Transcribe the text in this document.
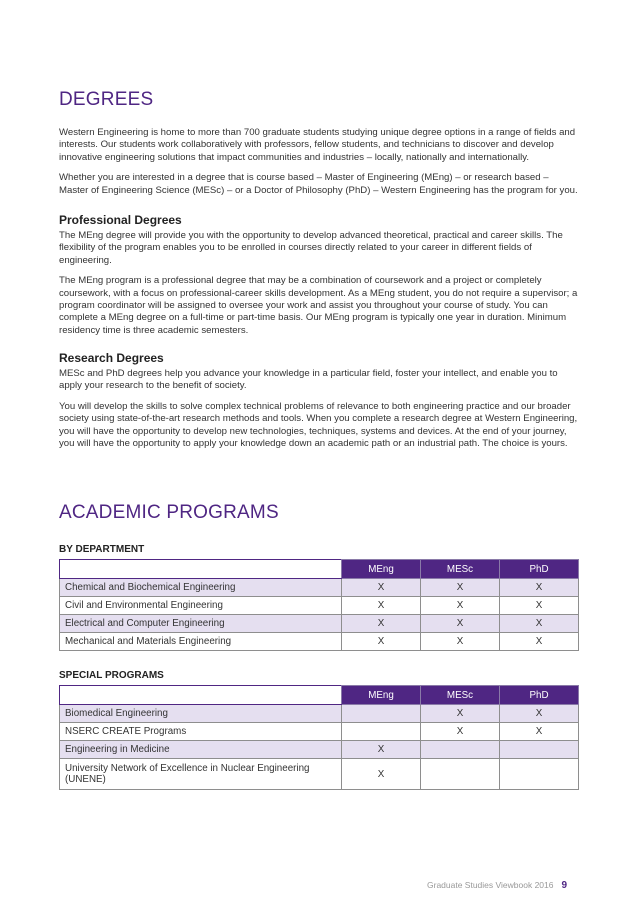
DEGREES

Western Engineering is home to more than 700 graduate students studying unique degree options in a range of fields and interests. Our students work collaboratively with professors, fellow students, and technicians to discover and develop innovative engineering solutions that impact communities and industries – locally, nationally and internationally.

Whether you are interested in a degree that is course based – Master of Engineering (MEng) – or research based – Master of Engineering Science (MESc) – or a Doctor of Philosophy (PhD) – Western Engineering has the program for you.

Professional Degrees

The MEng degree will provide you with the opportunity to develop advanced theoretical, practical and career skills. The flexibility of the program enables you to be enrolled in courses directly related to your career in different fields of engineering.

The MEng program is a professional degree that may be a combination of coursework and a project or completely coursework, with a focus on professional-career skills development. As a MEng student, you do not require a supervisor; a program coordinator will be assigned to oversee your work and assist you throughout your course of study. You can complete a MEng degree on a full-time or part-time basis. Our MEng program is typically one year in duration. Minimum residency time is three academic semesters.

Research Degrees

MESc and PhD degrees help you advance your knowledge in a particular field, foster your intellect, and enable you to apply your research to the benefit of society.

You will develop the skills to solve complex technical problems of relevance to both engineering practice and our broader society using state-of-the-art research methods and tools. When you complete a research degree at Western Engineering, you will have the opportunity to develop new technologies, techniques, systems and devices. At the end of your journey, you will have the opportunity to apply your knowledge down an academic path or an industrial path. The choice is yours.

ACADEMIC PROGRAMS

BY DEPARTMENT

	MEng	MESc	PhD
Chemical and Biochemical Engineering	X	X	X
Civil and Environmental Engineering	X	X	X
Electrical and Computer Engineering	X	X	X
Mechanical and Materials Engineering	X	X	X

SPECIAL PROGRAMS

	MEng	MESc	PhD
Biomedical Engineering		X	X
NSERC CREATE Programs		X	X
Engineering in Medicine	X		
University Network of Excellence in Nuclear Engineering (UNENE)	X		
Graduate Studies Viewbook 2016 9
